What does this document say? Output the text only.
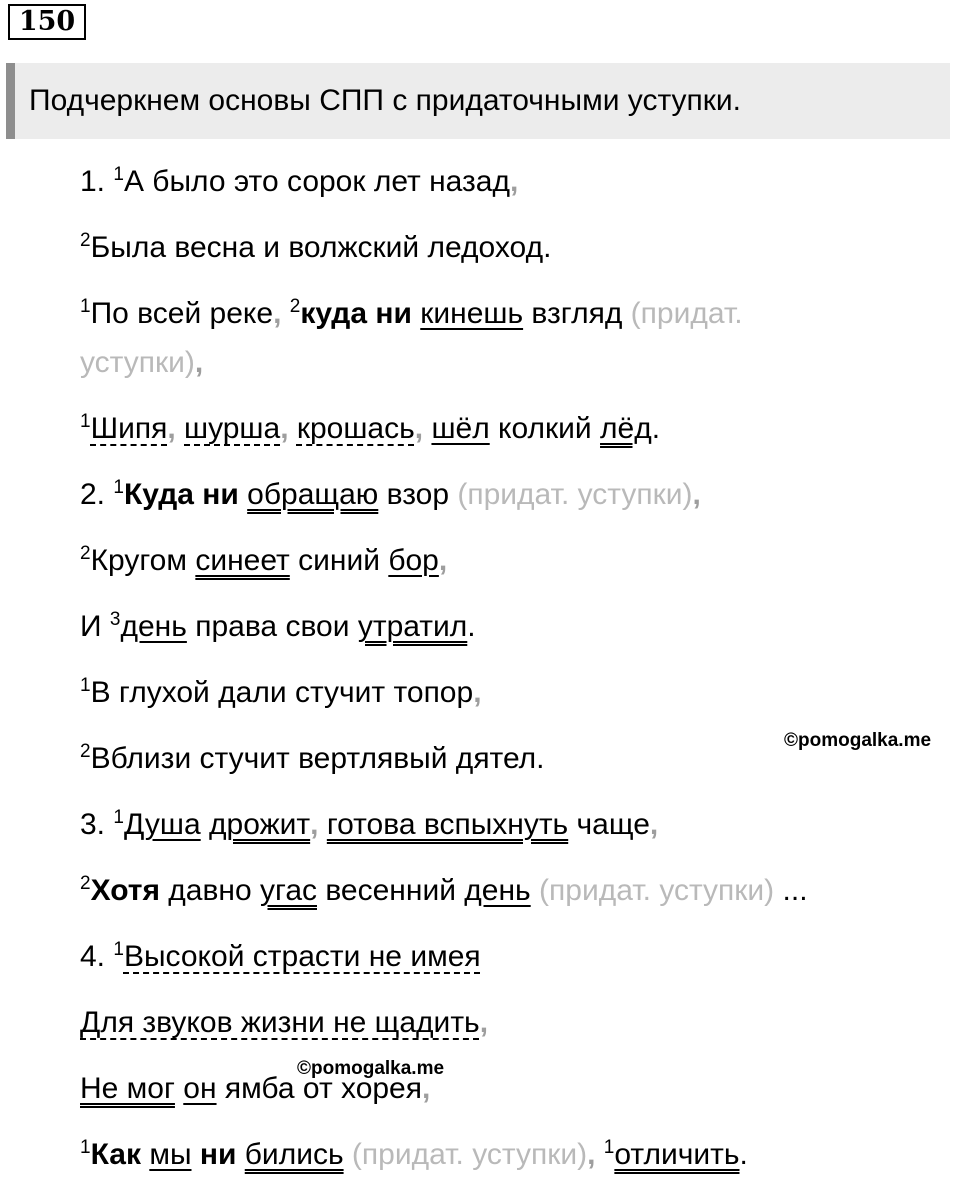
150
Подчеркнем основы СПП с придаточными уступки.
1. $^1$А было это сорок лет назад,
$^2$Была весна и волжский ледоход.
$^1$По всей реке, $^2$куда ни кинешь взгляд (придат.
уступки),
$^1$Шипя, шурша, крошась, шёл колкий лёд.
2. $^1$Куда ни обращаю взор (придат. уступки),
$^2$Кругом синеет синий бор,
И $^3$день права свои утратил.
$^1$В глухой дали стучит топор,
©pomogalka.me
$^2$Вблизи стучит вертлявый дятел.
3. $^1$Душа дрожит, готова вспыхнуть чаще,
$^2$Хотя давно угас весенний день (придат. уступки) ...
4. $^1$Высокой страсти не имея
Для звуков жизни не щадить,
©pomogalka.me
Не мог он ямба от хорея,
$^1$Как мы ни бились (придат. уступки), $^1$отличить.
